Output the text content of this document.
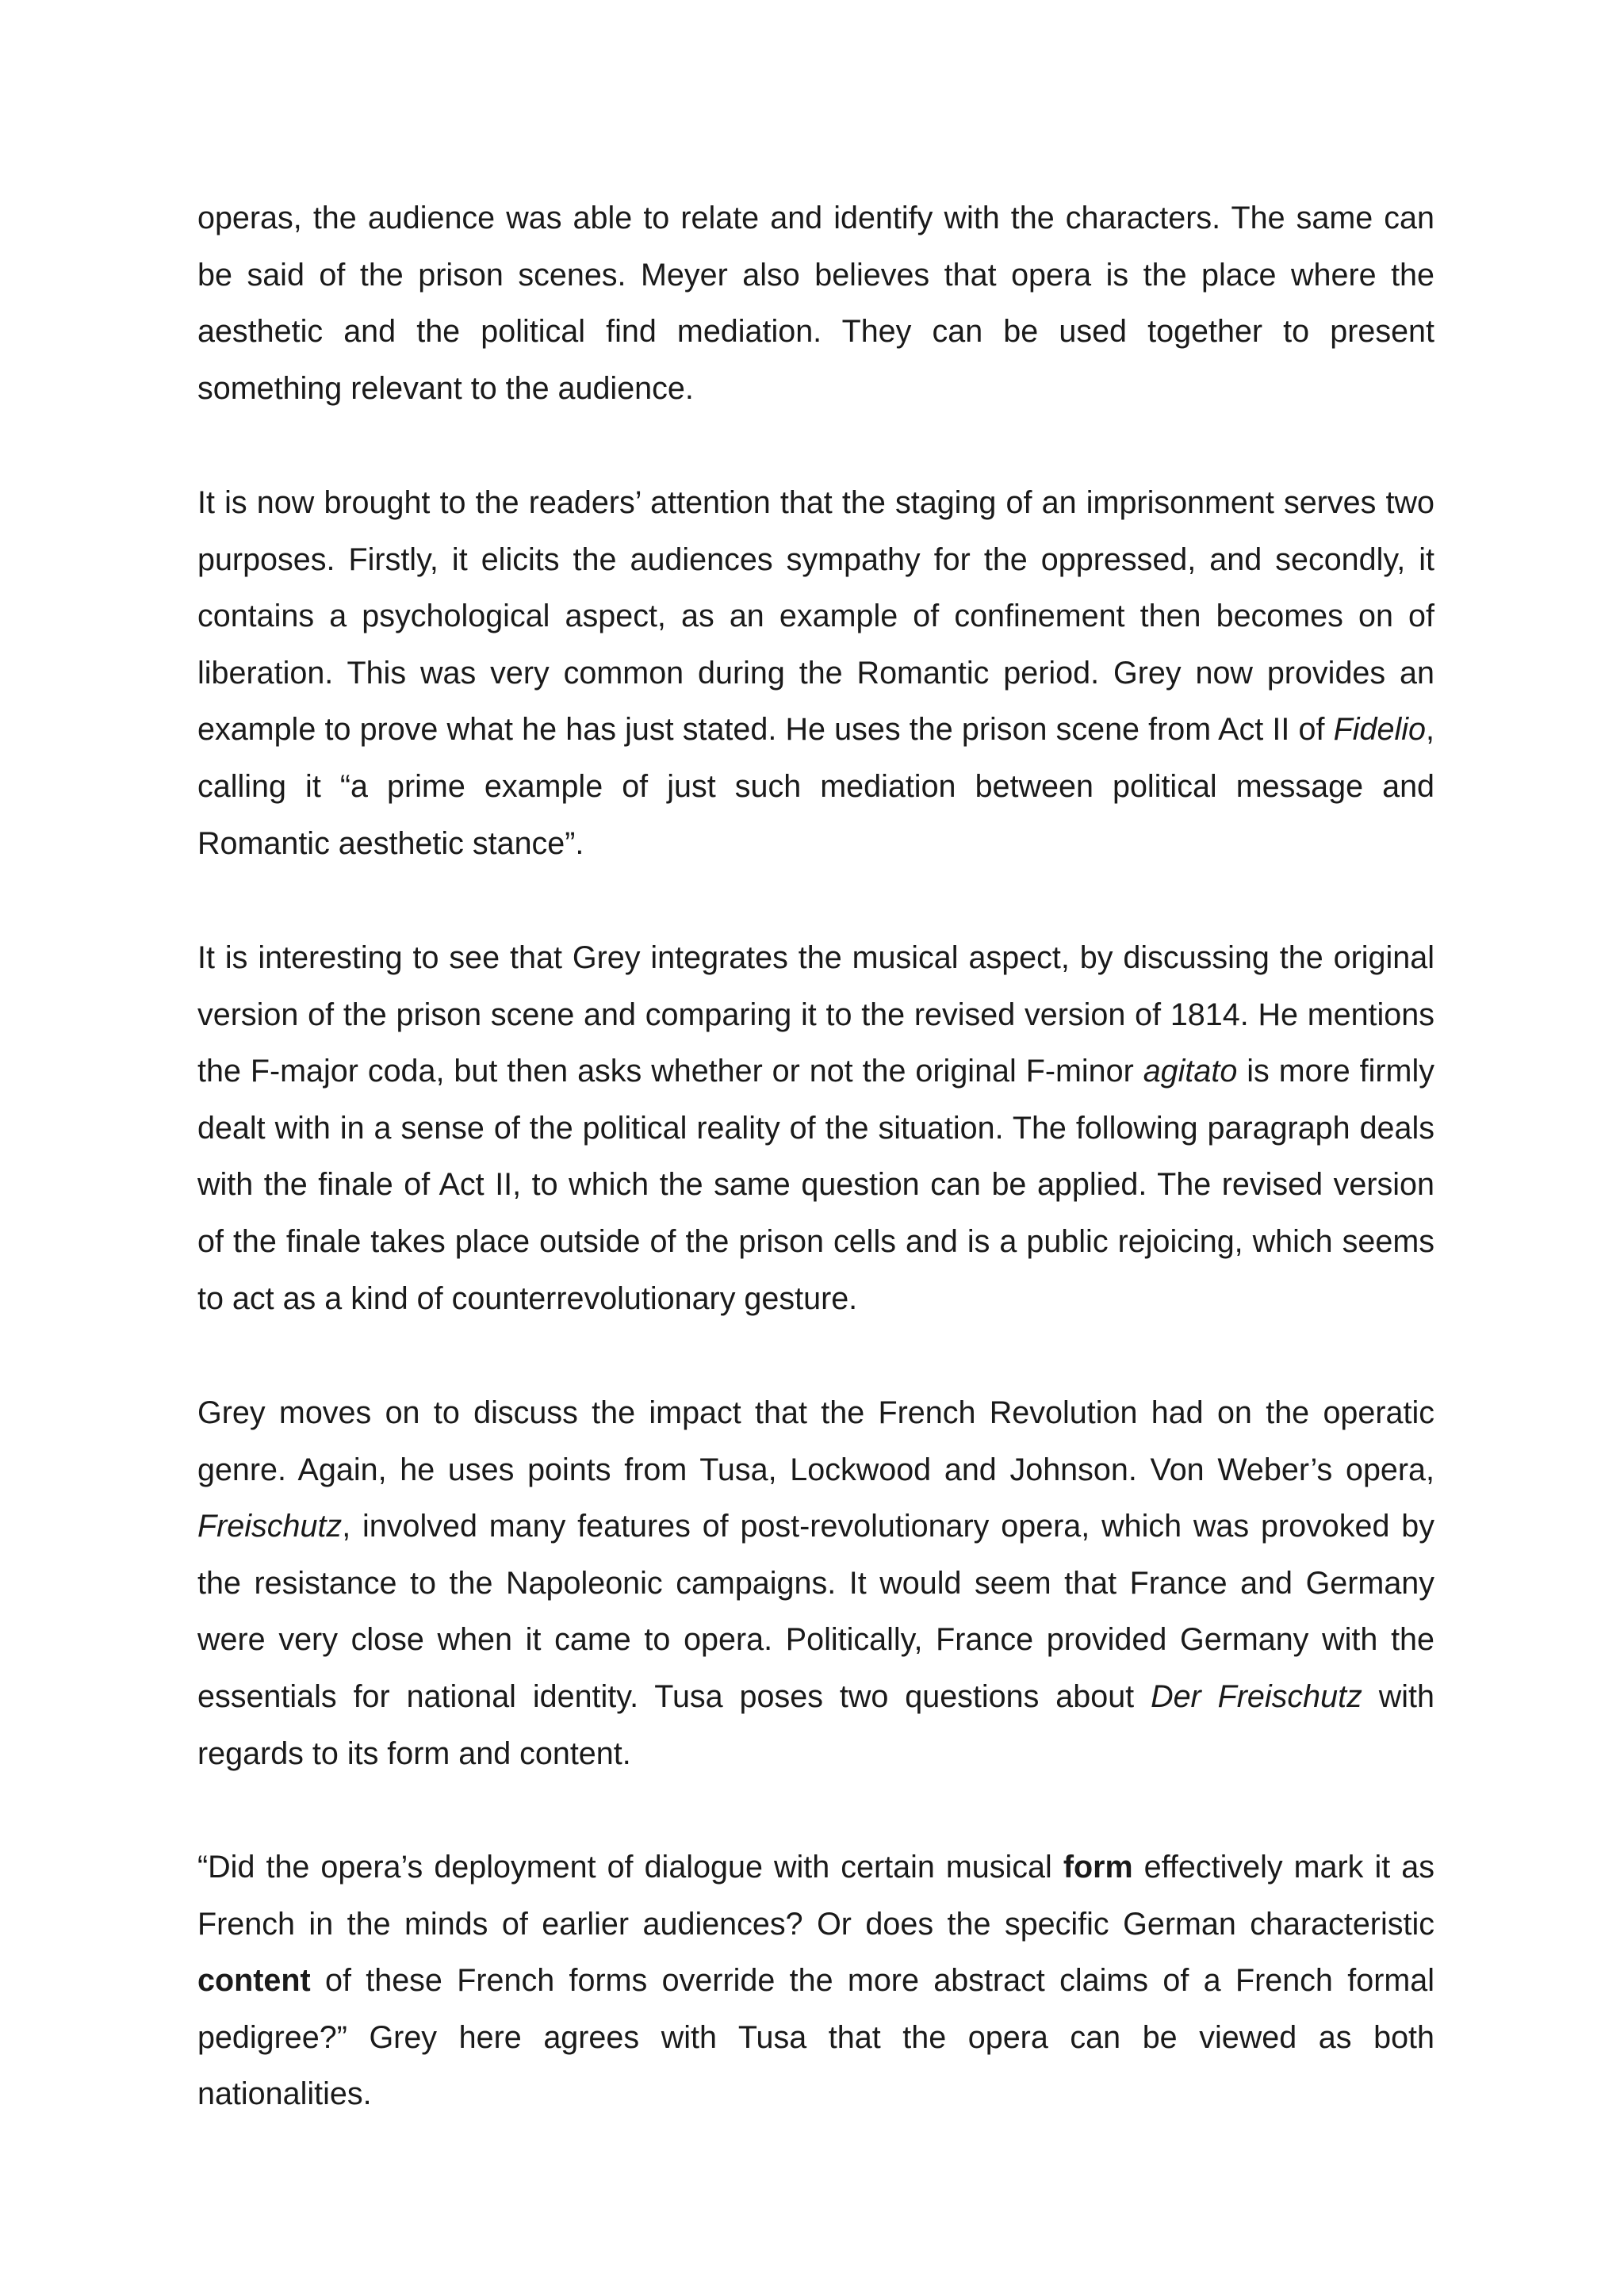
operas, the audience was able to relate and identify with the characters. The same can be said of the prison scenes. Meyer also believes that opera is the place where the aesthetic and the political find mediation. They can be used together to present something relevant to the audience.

It is now brought to the readers’ attention that the staging of an imprisonment serves two purposes. Firstly, it elicits the audiences sympathy for the oppressed, and secondly, it contains a psychological aspect, as an example of confinement then becomes on of liberation. This was very common during the Romantic period. Grey now provides an example to prove what he has just stated. He uses the prison scene from Act II of Fidelio, calling it “a prime example of just such mediation between political message and Romantic aesthetic stance”.

It is interesting to see that Grey integrates the musical aspect, by discussing the original version of the prison scene and comparing it to the revised version of 1814. He mentions the F-major coda, but then asks whether or not the original F-minor agitato is more firmly dealt with in a sense of the political reality of the situation. The following paragraph deals with the finale of Act II, to which the same question can be applied. The revised version of the finale takes place outside of the prison cells and is a public rejoicing, which seems to act as a kind of counterrevolutionary gesture.

Grey moves on to discuss the impact that the French Revolution had on the operatic genre. Again, he uses points from Tusa, Lockwood and Johnson. Von Weber’s opera, Freischutz, involved many features of post-revolutionary opera, which was provoked by the resistance to the Napoleonic campaigns. It would seem that France and Germany were very close when it came to opera. Politically, France provided Germany with the essentials for national identity. Tusa poses two questions about Der Freischutz with regards to its form and content.

“Did the opera’s deployment of dialogue with certain musical form effectively mark it as French in the minds of earlier audiences? Or does the specific German characteristic content of these French forms override the more abstract claims of a French formal pedigree?” Grey here agrees with Tusa that the opera can be viewed as both nationalities.
